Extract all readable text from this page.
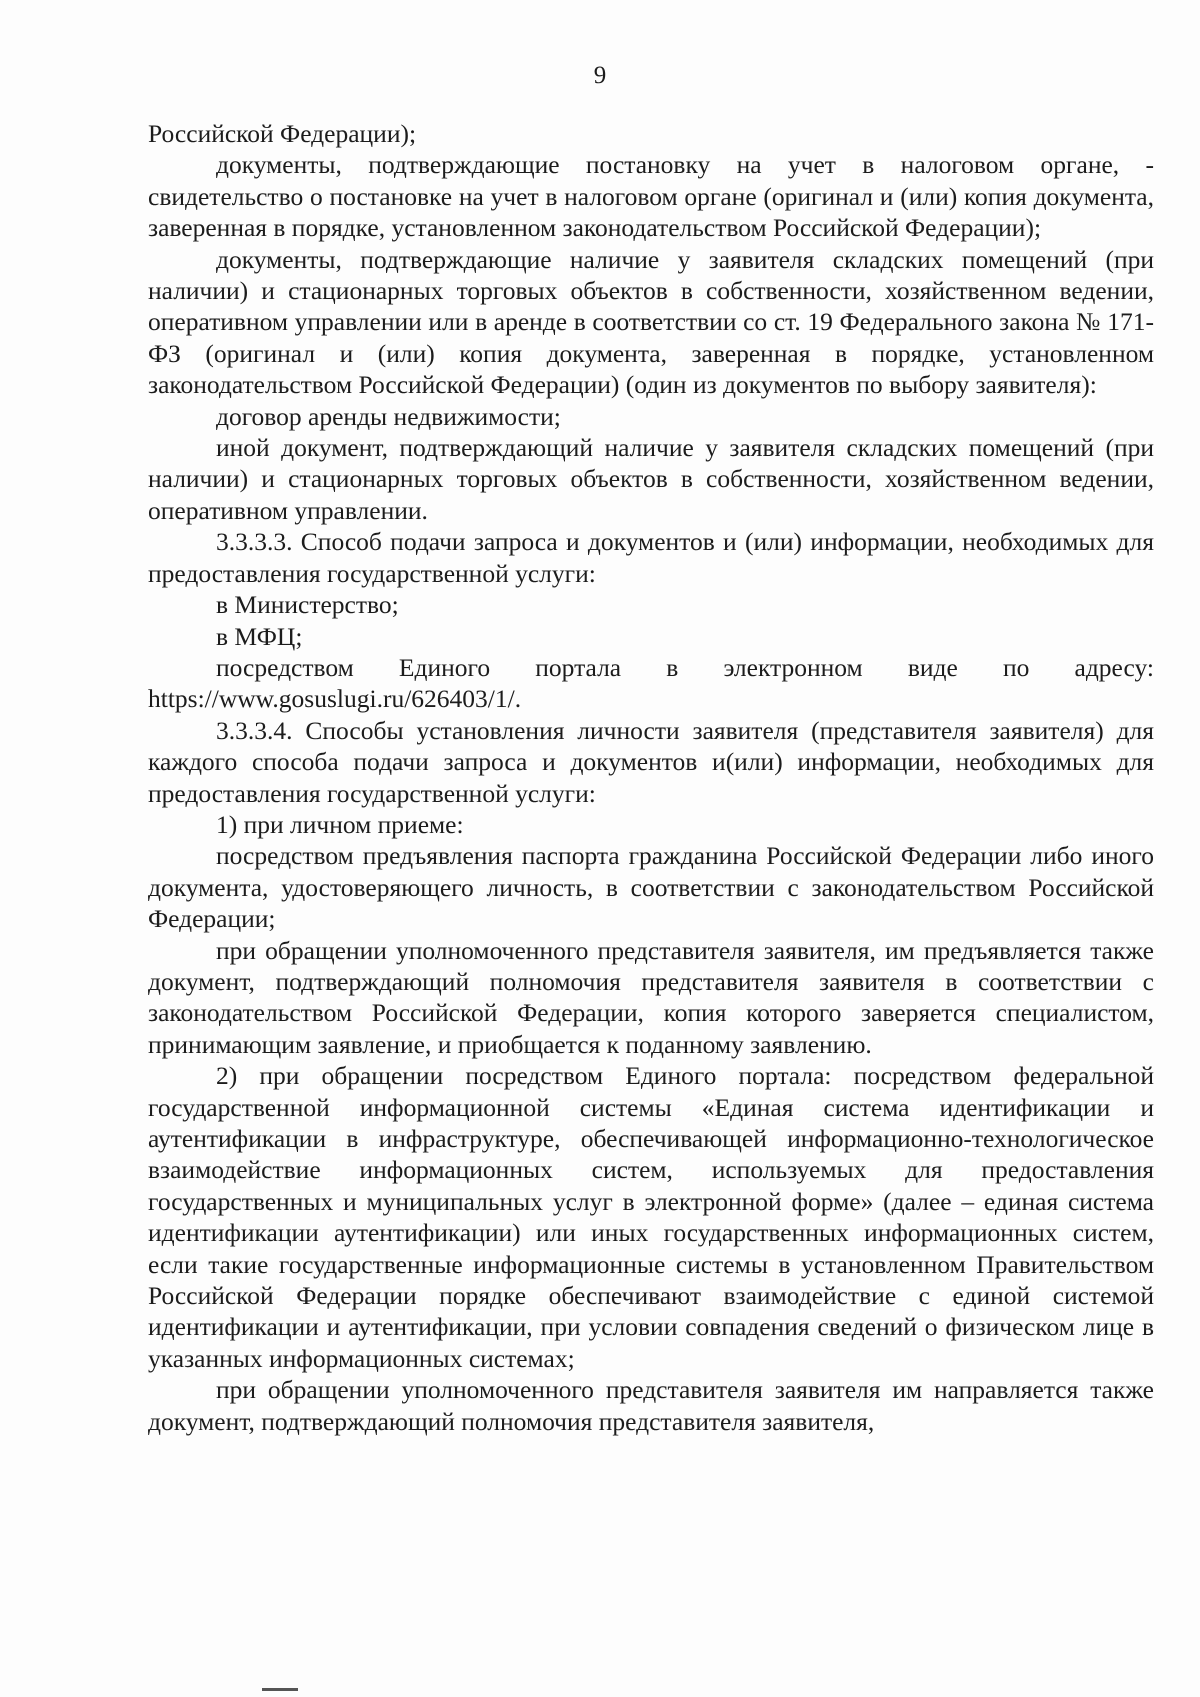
9

Российской Федерации);

документы, подтверждающие постановку на учет в налоговом органе, - свидетельство о постановке на учет в налоговом органе (оригинал и (или) копия документа, заверенная в порядке, установленном законодательством Российской Федерации);

документы, подтверждающие наличие у заявителя складских помещений (при наличии) и стационарных торговых объектов в собственности, хозяйственном ведении, оперативном управлении или в аренде в соответствии со ст. 19 Федерального закона № 171-ФЗ (оригинал и (или) копия документа, заверенная в порядке, установленном законодательством Российской Федерации) (один из документов по выбору заявителя):

договор аренды недвижимости;

иной документ, подтверждающий наличие у заявителя складских помещений (при наличии) и стационарных торговых объектов в собственности, хозяйственном ведении, оперативном управлении.

3.3.3.3. Способ подачи запроса и документов и (или) информации, необходимых для предоставления государственной услуги:

в Министерство;

в МФЦ;

посредством Единого портала в электронном виде по адресу: https://www.gosuslugi.ru/626403/1/.

3.3.3.4. Способы установления личности заявителя (представителя заявителя) для каждого способа подачи запроса и документов и(или) информации, необходимых для предоставления государственной услуги:

1) при личном приеме:

посредством предъявления паспорта гражданина Российской Федерации либо иного документа, удостоверяющего личность, в соответствии с законодательством Российской Федерации;

при обращении уполномоченного представителя заявителя, им предъявляется также документ, подтверждающий полномочия представителя заявителя в соответствии с законодательством Российской Федерации, копия которого заверяется специалистом, принимающим заявление, и приобщается к поданному заявлению.

2) при обращении посредством Единого портала: посредством федеральной государственной информационной системы «Единая система идентификации и аутентификации в инфраструктуре, обеспечивающей информационно-технологическое взаимодействие информационных систем, используемых для предоставления государственных и муниципальных услуг в электронной форме» (далее – единая система идентификации аутентификации) или иных государственных информационных систем, если такие государственные информационные системы в установленном Правительством Российской Федерации порядке обеспечивают взаимодействие с единой системой идентификации и аутентификации, при условии совпадения сведений о физическом лице в указанных информационных системах;

при обращении уполномоченного представителя заявителя им направляется также документ, подтверждающий полномочия представителя заявителя,
